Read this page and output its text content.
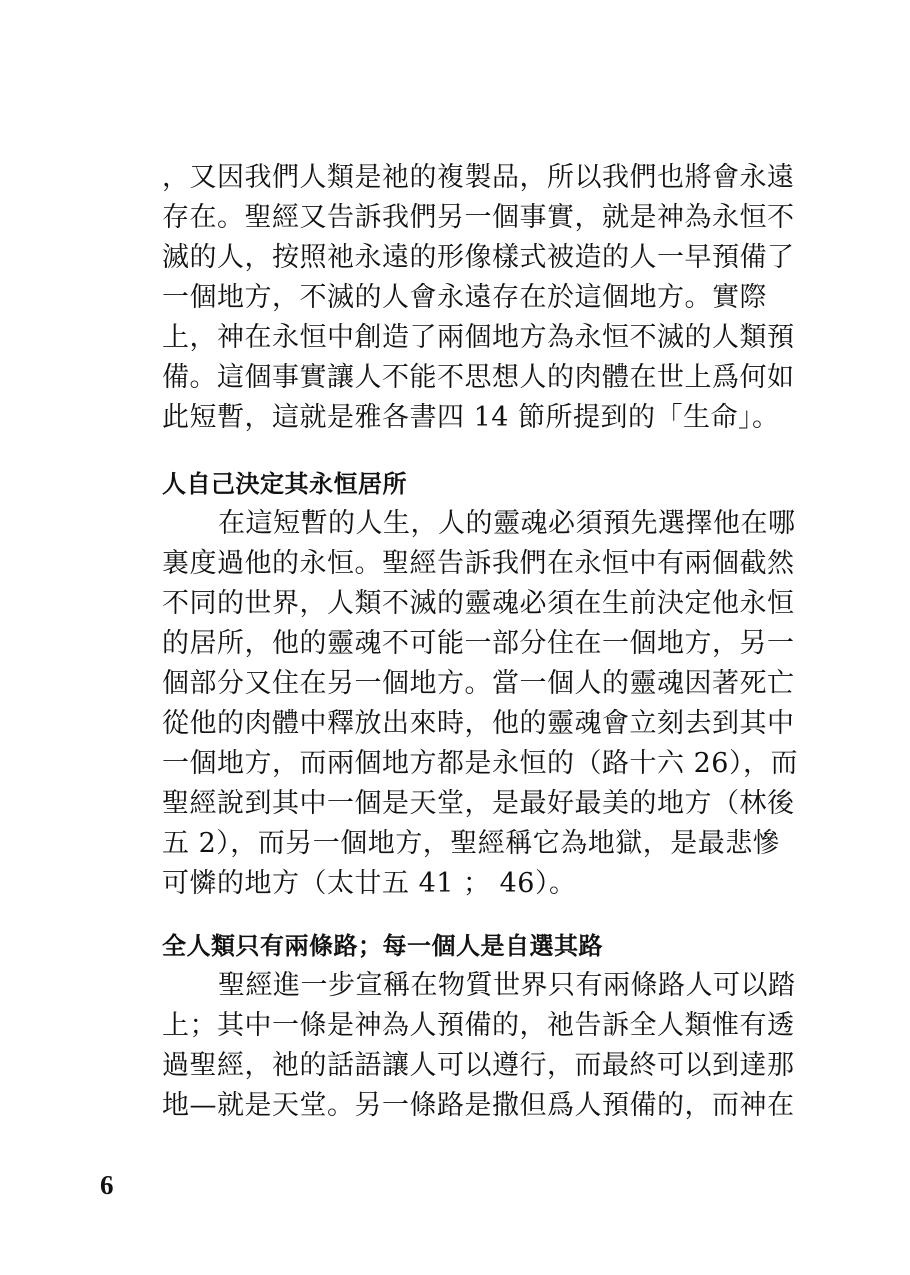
，又因我們人類是祂的複製品，所以我們也將會永遠
存在。聖經又告訴我們另一個事實，就是神為永恒不
滅的人，按照祂永遠的形像樣式被造的人一早預備了
一個地方，不滅的人會永遠存在於這個地方。實際
上，神在永恒中創造了兩個地方為永恒不滅的人類預
備。這個事實讓人不能不思想人的肉體在世上爲何如
此短暫，這就是雅各書四 14 節所提到的「生命」。
人自己決定其永恒居所
在這短暫的人生，人的靈魂必須預先選擇他在哪
裏度過他的永恒。聖經告訴我們在永恒中有兩個截然
不同的世界，人類不滅的靈魂必須在生前決定他永恒
的居所，他的靈魂不可能一部分住在一個地方，另一
個部分又住在另一個地方。當一個人的靈魂因著死亡
從他的肉體中釋放出來時，他的靈魂會立刻去到其中
一個地方，而兩個地方都是永恒的（路十六 26），而
聖經說到其中一個是天堂，是最好最美的地方（林後
五 2），而另一個地方，聖經稱它為地獄，是最悲慘
可憐的地方（太廿五 41 ； 46）。
全人類只有兩條路；每一個人是自選其路
聖經進一步宣稱在物質世界只有兩條路人可以踏
上；其中一條是神為人預備的，祂告訴全人類惟有透
過聖經，祂的話語讓人可以遵行，而最終可以到達那
地—就是天堂。另一條路是撒但爲人預備的，而神在
6
